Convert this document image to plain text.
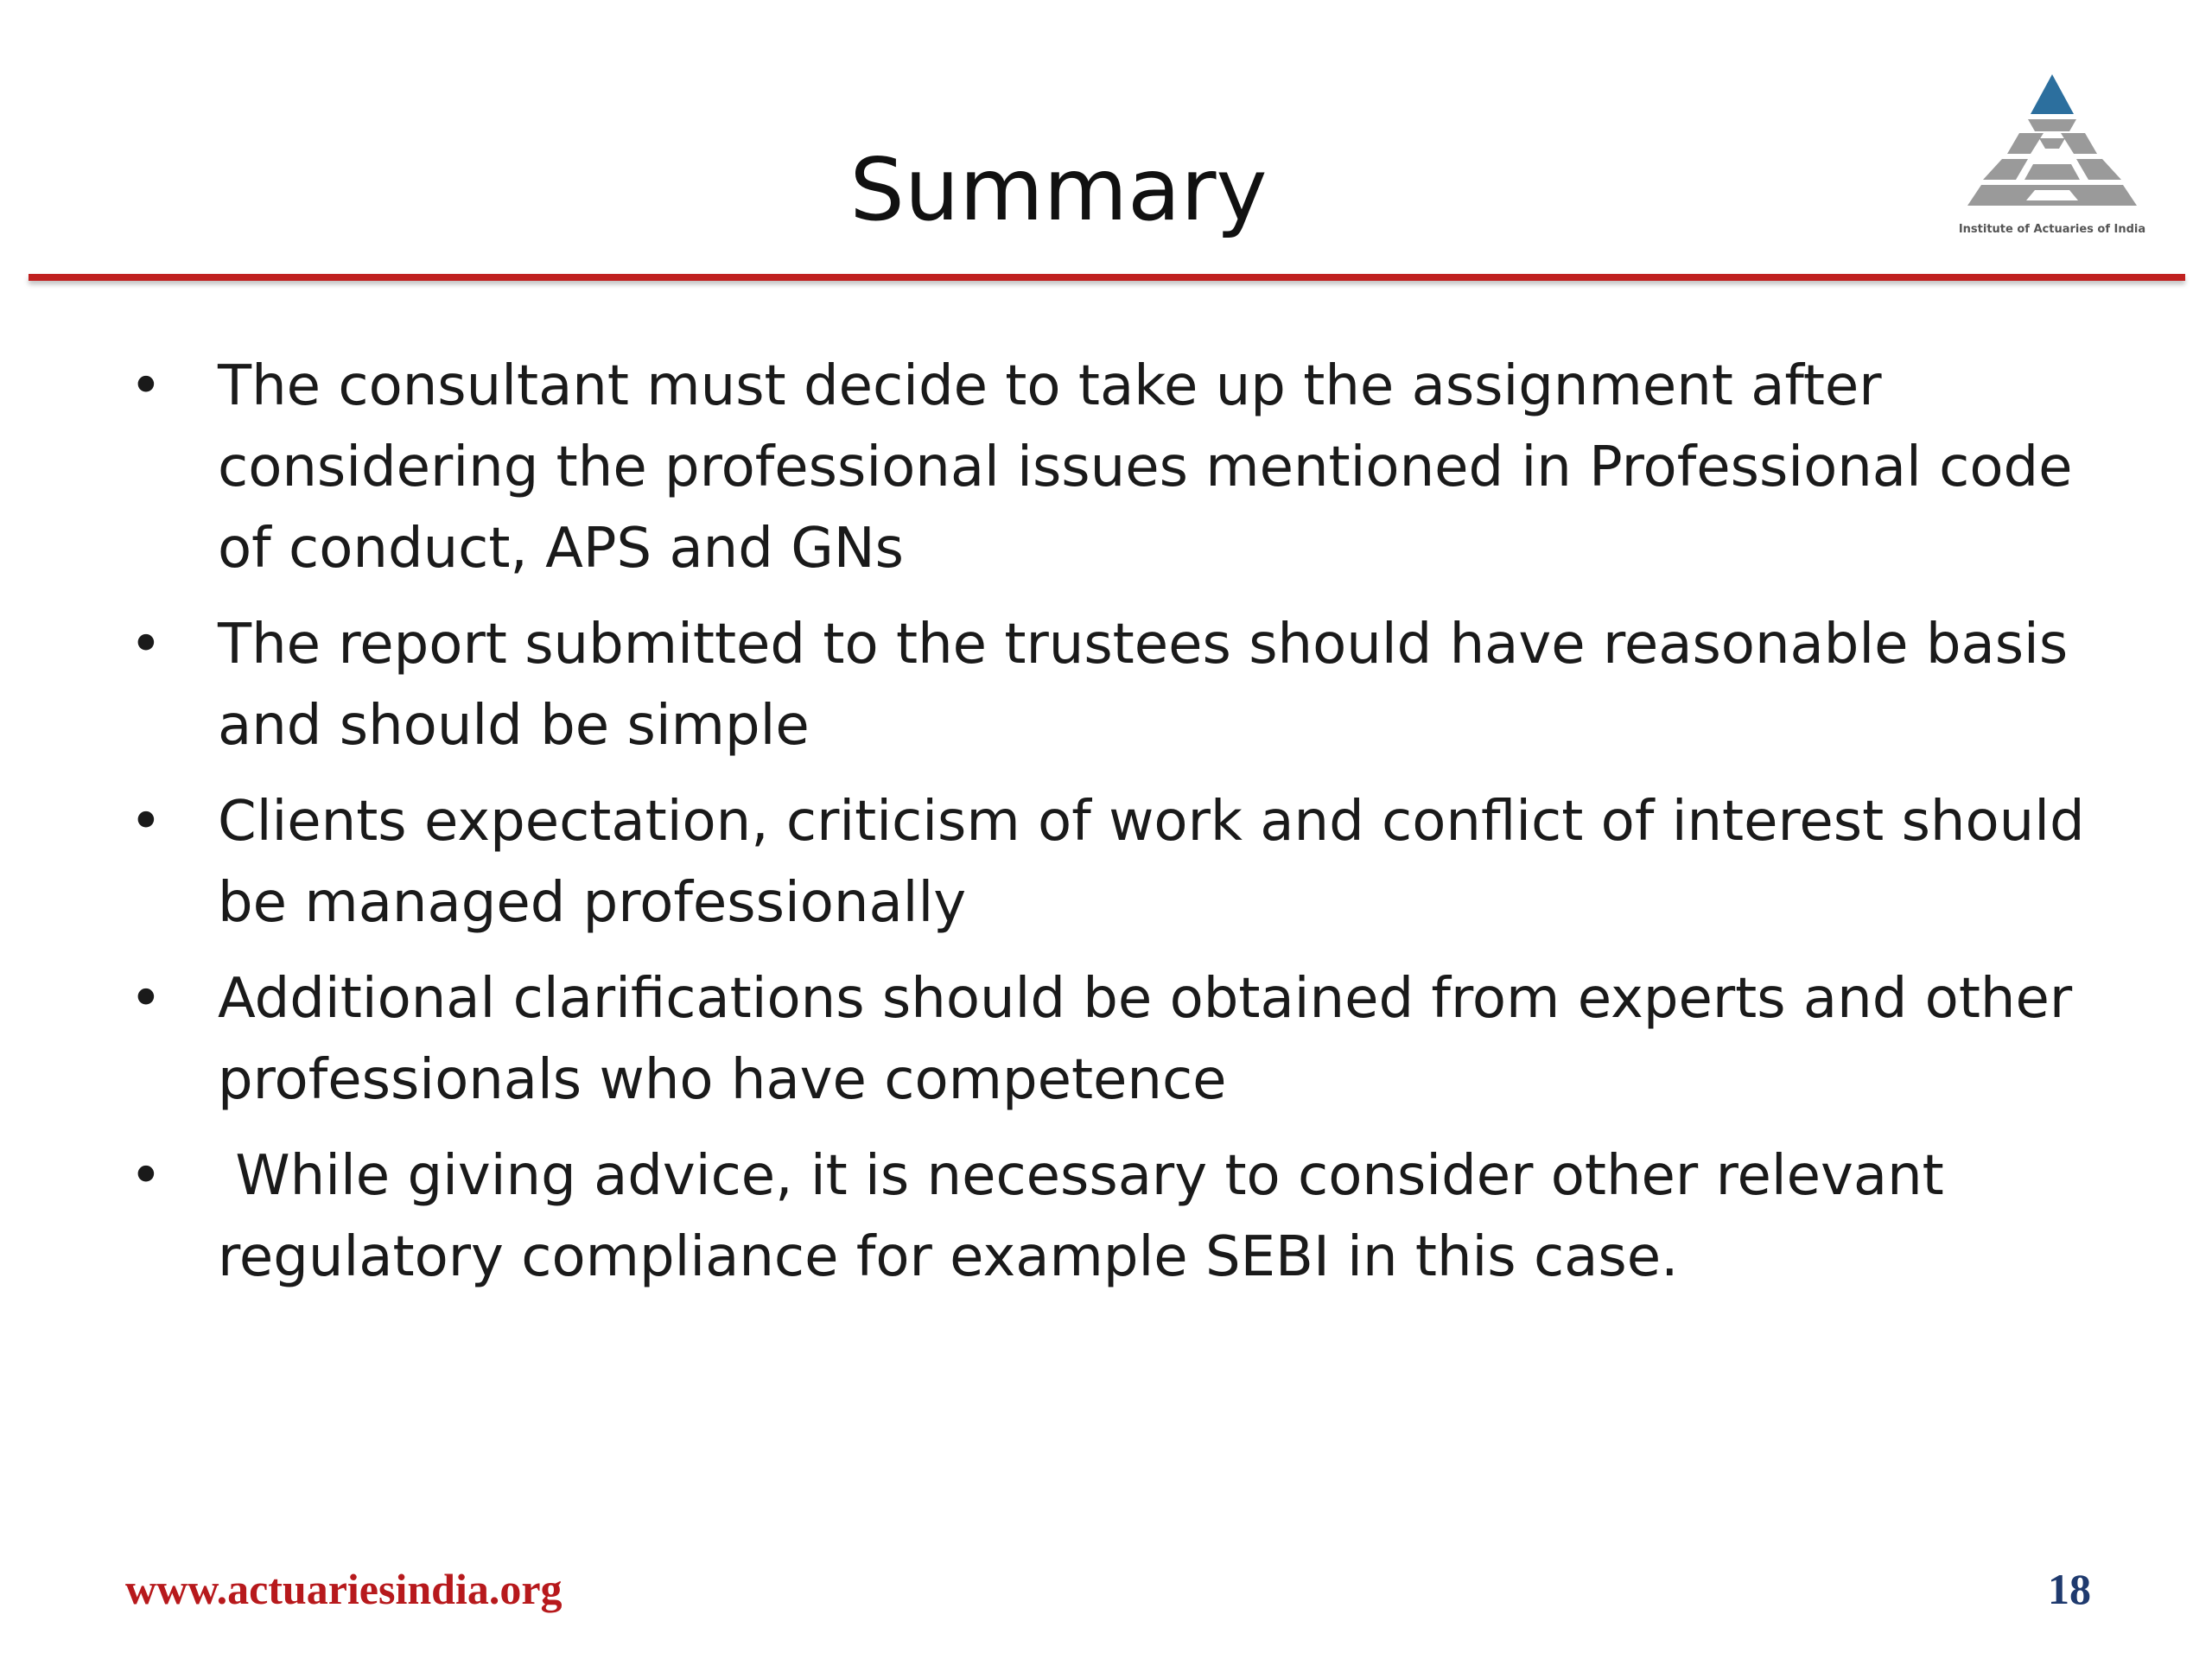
Summary	Institute of Actuaries of India
• The consultant must decide to take up the assignment after considering the professional issues mentioned in Professional code of conduct, APS and GNs
• The report submitted to the trustees should have reasonable basis and should be simple
• Clients expectation, criticism of work and conflict of interest should be managed professionally
• Additional clarifications should be obtained from experts and other professionals who have competence
• While giving advice, it is necessary to consider other relevant regulatory compliance for example SEBI in this case.
www.actuariesindia.org	18
